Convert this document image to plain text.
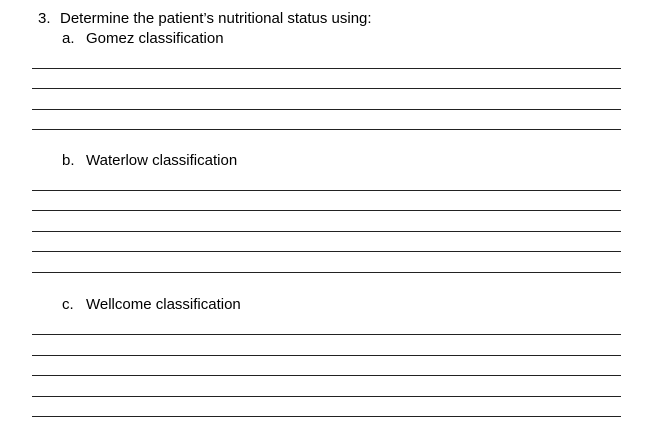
3. Determine the patient’s nutritional status using:
a. Gomez classification
b. Waterlow classification
c. Wellcome classification
